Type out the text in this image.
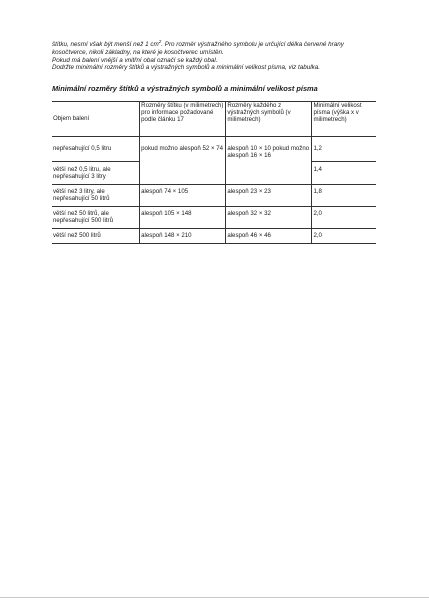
štítku, nesmí však být menší než 1 $cm^2$. Pro rozměr výstražného symbolu je určující délka červené hrany kosočtverce, nikoli základny, na které je kosočtverec umístěn.

Pokud má balení vnější a vnitřní obal označí se každý obal.

Dodržte minimální rozměry štítků a výstražných symbolů a minimální velikost písma, viz tabulka.

Minimální rozměry štítků a výstražných symbolů a minimální velikost písma
Objem balení	Rozměry štítku (v milimetrech) pro informace požadované podle článku 17	Rozměry každého z výstražných symbolů (v milimetrech)	Minimální velikost písma (výška x v milimetrech)
nepřesahující 0,5 litru	pokud možno alespoň 52 × 74	alespoň 10 × 10 pokud možno alespoň 16 × 16	1,2
větší než 0,5 litru, ale nepřesahující 3 litry			1,4
větší než 3 litry, ale nepřesahující 50 litrů	alespoň 74 × 105	alespoň 23 × 23	1,8
větší než 50 litrů, ale nepřesahující 500 litrů	alespoň 105 × 148	alespoň 32 × 32	2,0
větší než 500 litrů	alespoň 148 × 210	alespoň 46 × 46	2,0
